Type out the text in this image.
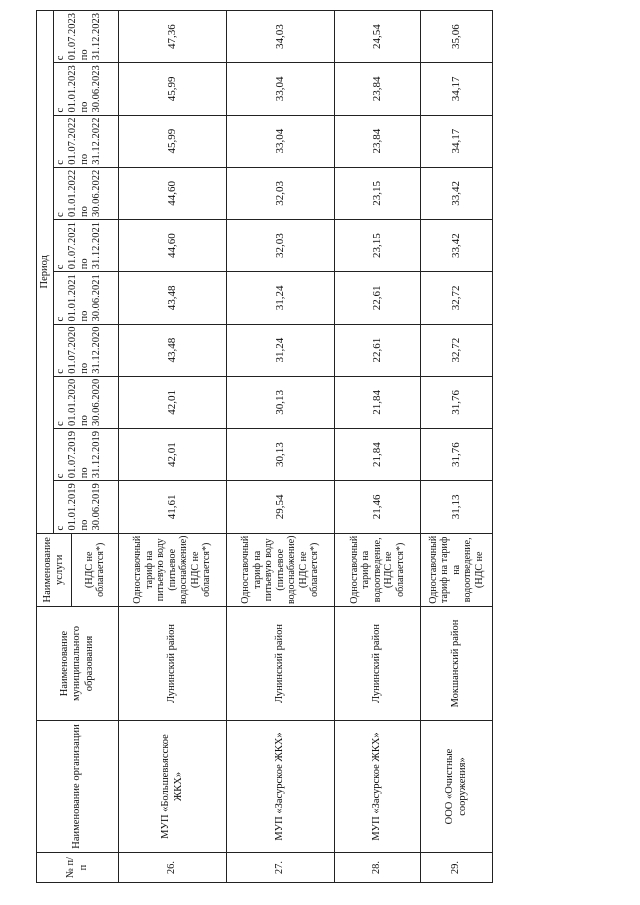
№ п/п	Наименование организации	Наименование муниципального образования	Наименование услуги	Период									
				с 01.01.2019 по 30.06.2019	с 01.07.2019 по 31.12.2019	с 01.01.2020 по 30.06.2020	с 01.07.2020 по 31.12.2020	с 01.01.2021 по 30.06.2021	с 01.07.2021 по 31.12.2021	с 01.01.2022 по 30.06.2022	с 01.07.2022 по 31.12.2022	с 01.01.2023 по 30.06.2023	с 01.07.2023 по 31.12.2023
			(НДС не облагается*)										
26.	МУП «Большевьясское ЖКХ»	Лунинский район	Одноставочный тариф на питьевую воду (питьевое водоснабжение) (НДС не облагается*)	41,61	42,01	42,01	43,48	43,48	44,60	44,60	45,99	45,99	47,36
27.	МУП «Засурское ЖКХ»	Лунинский район	Одноставочный тариф на питьевую воду (питьевое водоснабжение) (НДС не облагается*)	29,54	30,13	30,13	31,24	31,24	32,03	32,03	33,04	33,04	34,03
28.	МУП «Засурское ЖКХ»	Лунинский район	Одноставочный тариф на водоотведение, (НДС не облагается*)	21,46	21,84	21,84	22,61	22,61	23,15	23,15	23,84	23,84	24,54
29.	ООО «Очистные сооружения»	Мокшанский район	Одноставочный тариф на тариф на водоотведение, (НДС не	31,13	31,76	31,76	32,72	32,72	33,42	33,42	34,17	34,17	35,06
